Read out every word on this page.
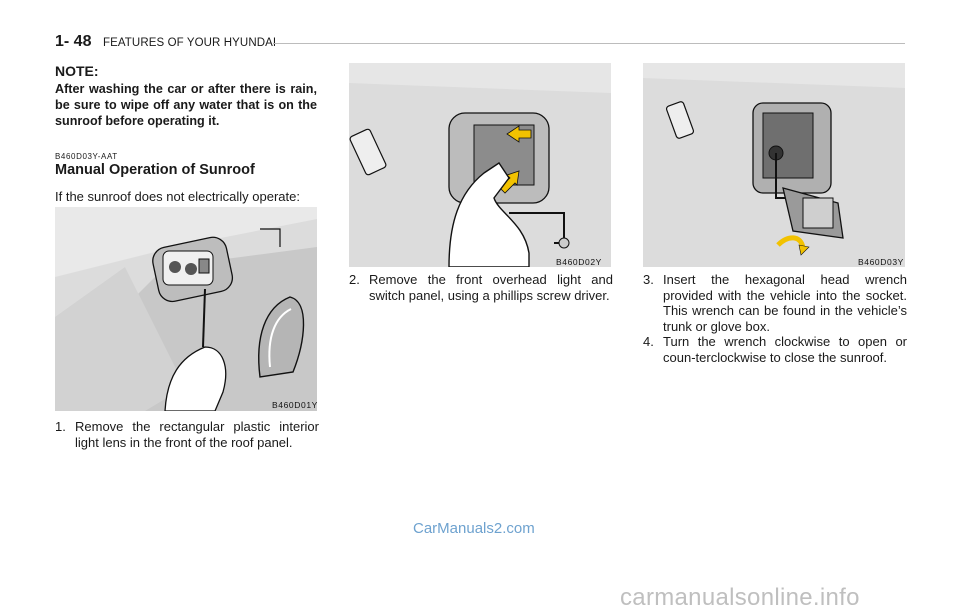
1- 48 FEATURES OF YOUR HYUNDAI

NOTE:

After washing the car or after there is rain, be sure to wipe off any water that is on the sunroof before operating it.

B460D03Y-AAT

Manual Operation of Sunroof

If the sunroof does not electrically operate:

B460D01Y
1. Remove the rectangular plastic interior light lens in the front of the roof panel.
B460D02Y
2. Remove the front overhead light and switch panel, using a phillips screw driver.
B460D03Y
3. Insert the hexagonal head wrench provided with the vehicle into the socket. This wrench can be found in the vehicle’s trunk or glove box.
4. Turn the wrench clockwise to open or coun-terclockwise to close the sunroof.
CarManuals2.com
carmanualsonline.info
